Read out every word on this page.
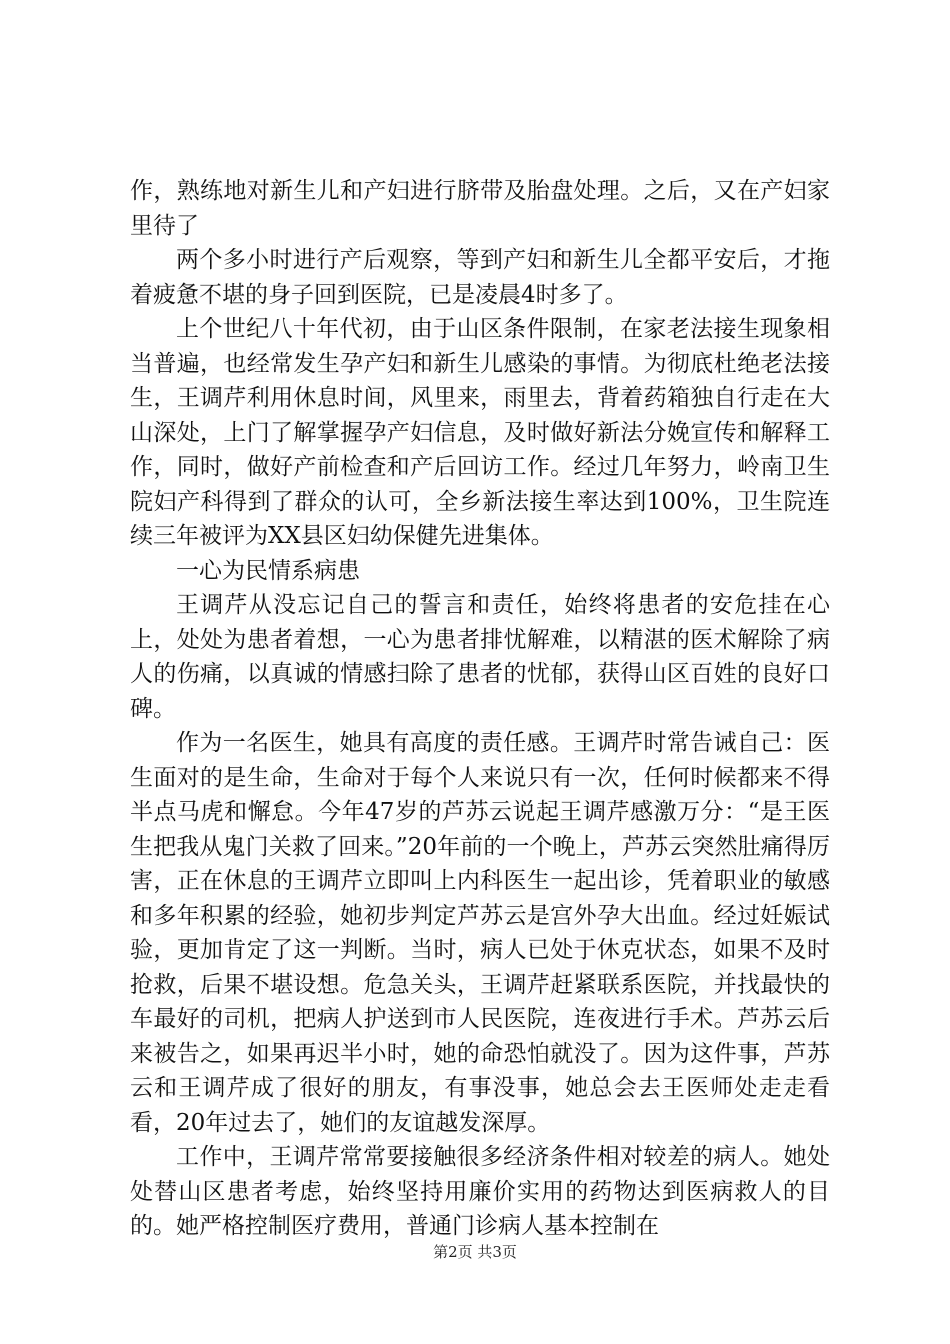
作，熟练地对新生儿和产妇进行脐带及胎盘处理。之后，又在产妇家里待了

两个多小时进行产后观察，等到产妇和新生儿全都平安后，才拖着疲惫不堪的身子回到医院，已是凌晨4时多了。

上个世纪八十年代初，由于山区条件限制，在家老法接生现象相当普遍，也经常发生孕产妇和新生儿感染的事情。为彻底杜绝老法接生，王调芹利用休息时间，风里来，雨里去，背着药箱独自行走在大山深处，上门了解掌握孕产妇信息，及时做好新法分娩宣传和解释工作，同时，做好产前检查和产后回访工作。经过几年努力，岭南卫生院妇产科得到了群众的认可，全乡新法接生率达到100%，卫生院连续三年被评为XX县区妇幼保健先进集体。

一心为民情系病患

王调芹从没忘记自己的誓言和责任，始终将患者的安危挂在心上，处处为患者着想，一心为患者排忧解难，以精湛的医术解除了病人的伤痛，以真诚的情感扫除了患者的忧郁，获得山区百姓的良好口碑。

作为一名医生，她具有高度的责任感。王调芹时常告诫自己：医生面对的是生命，生命对于每个人来说只有一次，任何时候都来不得半点马虎和懈怠。今年47岁的芦苏云说起王调芹感激万分：“是王医生把我从鬼门关救了回来。”20年前的一个晚上，芦苏云突然肚痛得厉害，正在休息的王调芹立即叫上内科医生一起出诊，凭着职业的敏感和多年积累的经验，她初步判定芦苏云是宫外孕大出血。经过妊娠试验，更加肯定了这一判断。当时，病人已处于休克状态，如果不及时抢救，后果不堪设想。危急关头，王调芹赶紧联系医院，并找最快的车最好的司机，把病人护送到市人民医院，连夜进行手术。芦苏云后来被告之，如果再迟半小时，她的命恐怕就没了。因为这件事，芦苏云和王调芹成了很好的朋友，有事没事，她总会去王医师处走走看看，20年过去了，她们的友谊越发深厚。

工作中，王调芹常常要接触很多经济条件相对较差的病人。她处处替山区患者考虑，始终坚持用廉价实用的药物达到医病救人的目的。她严格控制医疗费用，普通门诊病人基本控制在

第2页 共3页
